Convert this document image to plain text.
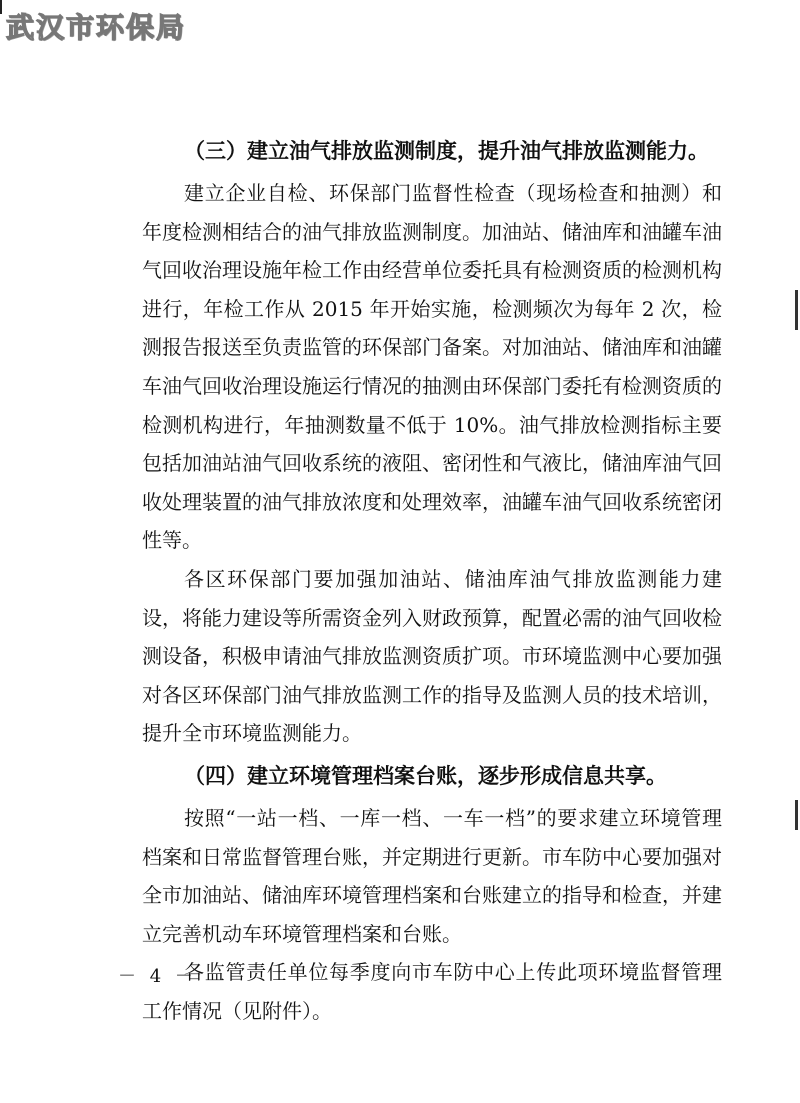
武汉市环保局
（三）建立油气排放监测制度，提升油气排放监测能力。

建立企业自检、环保部门监督性检查（现场检查和抽测）和年度检测相结合的油气排放监测制度。加油站、储油库和油罐车油气回收治理设施年检工作由经营单位委托具有检测资质的检测机构进行，年检工作从 2015 年开始实施，检测频次为每年 2 次，检测报告报送至负责监管的环保部门备案。对加油站、储油库和油罐车油气回收治理设施运行情况的抽测由环保部门委托有检测资质的检测机构进行，年抽测数量不低于 10%。油气排放检测指标主要包括加油站油气回收系统的液阻、密闭性和气液比，储油库油气回收处理装置的油气排放浓度和处理效率，油罐车油气回收系统密闭性等。

各区环保部门要加强加油站、储油库油气排放监测能力建设，将能力建设等所需资金列入财政预算，配置必需的油气回收检测设备，积极申请油气排放监测资质扩项。市环境监测中心要加强对各区环保部门油气排放监测工作的指导及监测人员的技术培训，提升全市环境监测能力。

（四）建立环境管理档案台账，逐步形成信息共享。

按照“一站一档、一库一档、一车一档”的要求建立环境管理档案和日常监督管理台账，并定期进行更新。市车防中心要加强对全市加油站、储油库环境管理档案和台账建立的指导和检查，并建立完善机动车环境管理档案和台账。

各监管责任单位每季度向市车防中心上传此项环境监督管理工作情况（见附件）。

－ 4 －
